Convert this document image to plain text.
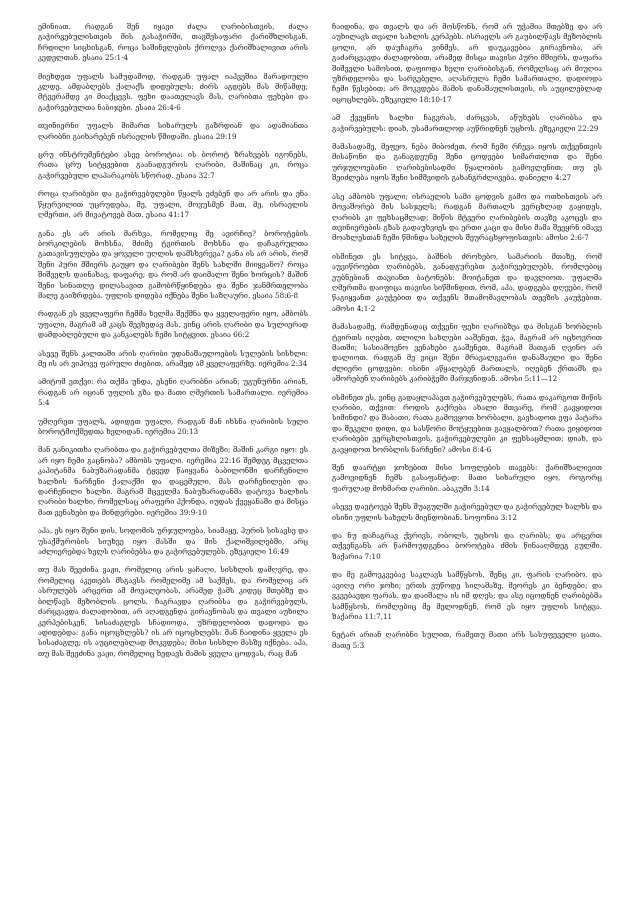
ემინიათ. რადგან შენ იყავი ძალა ღარიბისთვის, ძალა გაჭირვებულისთვის მის გასაჭირში, თავშესაფარი ქარიშხლისგან, ჩრდილი სიცხისგან, როცა საშინელების ქროლვა ქარიშხალივით არის კედელთან. ესაია 25:1-4

მიეხდეთ უფალს სამუდამოდ, რადგან უფალ იაჰვეშია მარადიული კლდე. ამდაბლებს ქალაქს დიდებულს; ძირს აგდებს მას მიწამდე; მტვერამდე კი მიაქცევს. ფეხი დაათელავს მას, ღარიბთა ფეხები და გაჭირვებულთა ნაბიჯები. ესაია 26:4-6

თვინიერნი უფალს მიმართ სიხარულს გაზრდიან და ადამიანთა ღარიბნი გაიხარებენ ისრაელის წმიდაში. ესაია 29:19

ცრუ ინსტრუმენტები ასეე ბოროტია: ის ბოროტ ზრახვებს იგონებს, რათა ცრუ სიტყვებით გაანადგუროს ღარიბი, მაშინაც კი, როცა გაჭირვებული ლაპარაკობს სწორად. ესაია 32:7

როცა ღარიბები და გაჭირვებულები წყალს ეძებენ და არ არის და ენა წყურვილით უცრუდება, მე, უფალი, მოვუსმენ მათ, მე, ისრაელის ღმერთი, არ მივატოვებ მათ. ესაია 41:17

განა ეს არ არის მარხვა, რომელიც მე ავირჩიე? ბოროტების ბორკილების მოხსნა, მძიმე ტვირთის მოხსნა და დაჩაგრულთა გათავისუფლება და ყოველი უღლის დამსხვრევა? განა ის არ არის, რომ შენი პური მშიერს გაუყო და ღარიბები შენს სახლში მიიყვანო? როცა შიშველს დაინახავ, დაფარე; და რომ არ დაიმალო შენი ხორცის? მაშინ შენი სინათლე დილასავით გამობრწყინდება და შენი ჯანმრთელობა მალე გაიზრდება. უფლის დიდება იქნება შენი საზღაური. ესაია 58:6-8

რადგან ეს ყველაფერი ჩემმა ხელმა შექმნა და ყველაფერი იყო, ამბობს უფალი, მაგრამ ამ კაცს შევხედავ მას, ვინც არის ღარიბი და სულიერად დამდაბლებული და კანკალებს ჩემი სიტყვით. ესაია 66:2

ასევე შენს კალთაში არის ღარიბი უდანაშაულოების სულების სისხლი: მე ის არ ვიპოვე ფარული ძიებით, არამედ ამ ყველაფერზე. იერემია 2:34

ამიტომ ვთქვი: რა თქმა უნდა, ესენი ღარიბნი არიან; უგუნურნი არიან, რადგან არ იციან უფლის გზა და მათი ღმერთის სამართალი. იერემია 5:4

უმღერეთ უფალს, ადიდეთ უფალი, რადგან მან იხსნა ღარიბის სული ბოროტმოქმედთა ხელიდან. იერემია 20:13

მან განიკითხა ღარიბთა და გაჭირვებულთა მიზეზი; მაშინ კარგი იყო: ეს არ იყო ჩემი გაცნობა? ამბობს უფალი. იერემია 22:16 შემდეგ მცველთა კაპიტანმა ნაბუზარადანმა ტყვედ წაიყვანა ბაბილონში დარჩენილი ხალხის ნარჩენი ქალაქში და დაცემული, მას დარჩენილები და დარჩენილი ხალხი. მაგრამ მცველმა ნაბუზარადანმა დატოვა ხალხის ღარიბი ხალხი, რომელსაც არაფერი ჰქონდა, იუდას ქვეყანაში და მისცა მათ ვენახები და მინდვრები. იერემია 39:9-10

აჰა, ეს იყო შენი დის, სოდომის ურჯულოება, სიამაყე, პურის სისავსე და უსაქმურობის სიუხვე იყო მასში და მის ქალიშვილებში, არც აძლიერებდა ხელს ღარიბებსა და გაჭირვებულებს. ეზეკიელი 16:49

თუ მას შეეძინა ვაჟი, რომელიც არის ყაჩაღი, სისხლის დამღვრე, და რომელიც აკეთებს მსგავსს რომელიმე ამ საქმეს, და რომელიც არ ასრულებს არცერთ ამ მოვალეობას, არამედ ჭამს კიდეც მთებზე და ბილწავს მეზობლის ცოლს, ჩაგრავდა ღარიბსა და გაჭირვებულს, ძარცვავდა ძალადობით, არ აღადგენდა გირავნობას და თვალი აუხილა კერპებისკენ, სისაძაგლეს სჩადიოდა, უზრდელობით დადოდა და ადიდებდა: განა იცოცხლებს? ის არ იცოცხლებს: მან ჩაიდინა ყველა ეს სისაძაგლე; ის აუცილებლად მოკვდება; მისი სისხლი მასზე იქნება. აჰა, თუ მას შეეძინა ვაჟი, რომელიც ხედავს მამის ყველა ცოდვას, რაც მან

ჩაიდინა, და თვალს და არ მოსწონს, რომ არ უჭამია მთებზე და არ აუხილავს თვალი სახლის კერპებს. ისრაელს არ გაუბილწავს მეზობლის ცოლი, არ დაუჩაგრა ვინმეს, არ დაუკავებია გირავნობა, არ გაძარცვავდა ძალადობით, არამედ მისცა თავისი პური მშიერს, დაფარა შიშველი სამოსით, დაფიოდა ხელი ღარიბისგან, რომელსაც არ მიუღია უზრდელობა და სარგებელი, აღასრულა ჩემი სამართალი, დადიოდა ჩემი წესებით; არ მოკვდება მამის დანაშაულისთვის, ის აუცილებლად იცოცხლებს. ეზეკიელი 18:10-17

ამ ქვეყნის ხალხი ჩაგვრას, ძარცვას, აწუხებს ღარიბსა და გაჭირვებულს: დიახ, უსამართლოდ აუწრიდნენ უცხოს. ეზეკიელი 22:29

მამასადამე, მეფეო, ნება მიბოძეთ, რომ ჩემი რჩევა იყოს თქვენთვის მისაწონი და განაგდეუნე შენი ცოდვები სიმართლით და შენი ურჯულოებანი ღარიბებისადმი წყალობის გამოვლენით; თუ ეს შეიძლება იყოს შენი სიმშვიდის გახანგრძლივება. დანიელი 4:27

ასე ამბობს უფალი; ისრაელის სამი ცოდვის გამო და ოთხისთვის არ მოვაშორებ მის სასჯელს; რადგან მართალს ვერცხლად გაყიდეს, ღარიბს კი ფეხსაცმლად; მიწის მტვერი ღარიბების თავზე აკოცეს და თვინიერების გზას გადაუხვიეს და ერთი კაცი და მისი მამა შეეყრნ იმავე მოახლესთან ჩემი წმინდა სახელის შეურაცხყოფისთვის: ამოსი 2:6-7

ისმინეთ ეს სიტყვა, ბაშნის ძროხებო, სამარიის მთაზე, რომ აუვიწროებთ ღარიბებს, განადგურებთ გაჭირვებულებს, რომლებიც ეუბნებიან თავიანთ ბატონებს: მოიტანეთ და დავლიოთ. უფალმა ღმერთმა დაიფიცა თავისი სიწმინდით, რომ, აჰა, დადგება დღეები, რომ წაგიყვანთ კაუჭებით და თქვენს შთამომავლობას თევზის კაუჭებით. ამოსი 4:1-2

მამასადამე, რამდენადაც თქვენი ფეხი ღარიბზეა და მისგან ხორბლის ტვირთს იღებთ, თლილი სახლები ააშენეთ, ჭვა, მაგრამ არ იცხოვრით მათში; სასიამოვნო ვენახები გააშენეთ, მაგრამ მათგან ღვინო არ დალიოთ. რადგან მე ვიცი შენი მრავალგვარი დანაშაული და შენი ძლიერი ცოდვები: ისინი აწყალებენ მართალს, იღებენ ქრთამს და აშორებენ ღარიბებს კარიბჭეში მარჯვნიდან. ამოსი 5:11—12

ისმინეთ ეს, ვინც გადაყლაპავთ გაჭირვებულებს, რათა დაკარგოთ მიწის ღარიბი, თქვით: როდის გაქრება ახალი მთვარე, რომ გავყიდოთ სიმინდი? და შაბათი, რათა გამოვყოთ ხორბალი, გავხადოთ ეფა პატარა და შეკელი დიდი, და სასწორი მოტყუებით გავყალბოთ? რათა ვიყიდოთ ღარიბები ვერცხლისთვის, გაჭირვებულები კი ფეხსაცმლით; დიახ, და გავყიდოთ ხორბლის ნარჩენი? ამოსი 8:4-6

შენ დაარტყი ჯოხებით მისი სოფლების თავებს: ქარიშხალივით გამოვიდნენ ჩემს გასაფანტად: მათი სიხარული იყო, როგორც ფარულად მოხმართ ღარიბი. აბაკუმი 3:14

ასევე დავტოვებ შენს შუაგულში გაჭირვებულ და გაჭირვებულ ხალხს და ისინი უფლის სახელს მიენდობიან. სოფონია 3:12

და ნუ დაჩაგრავ ქვრივს, ობოლს, უცხოს და ღარიბს; და არცერთ თქვენგანს არ წარმოუდგენია ბოროტება ძმის წინააღმდეგ გულში. ზაქარია 7:10

და მე გამოვკვებავ საკლავს სამწყსოს, შენც კი, ფარის ღარიბო. და ავიღე ორი ჯოხი; ერთს ვუწოდე სილამაზე, მეორეს კი ბეჩდები; და ვკვებავდი ფარას. და დაიშალა ის იმ დღეს; და ასე იცოდნენ ღარიბებმა სამწყსოს, რომლებიც მე მელოდნენ, რომ ეს იყო უფლის სიტყვა. ზაქარია 11:7,11

ნეტარ არიან ღარიბნი სულით, რამეთუ მათი არს სასუფეველი ცათა. მათე 5:3
